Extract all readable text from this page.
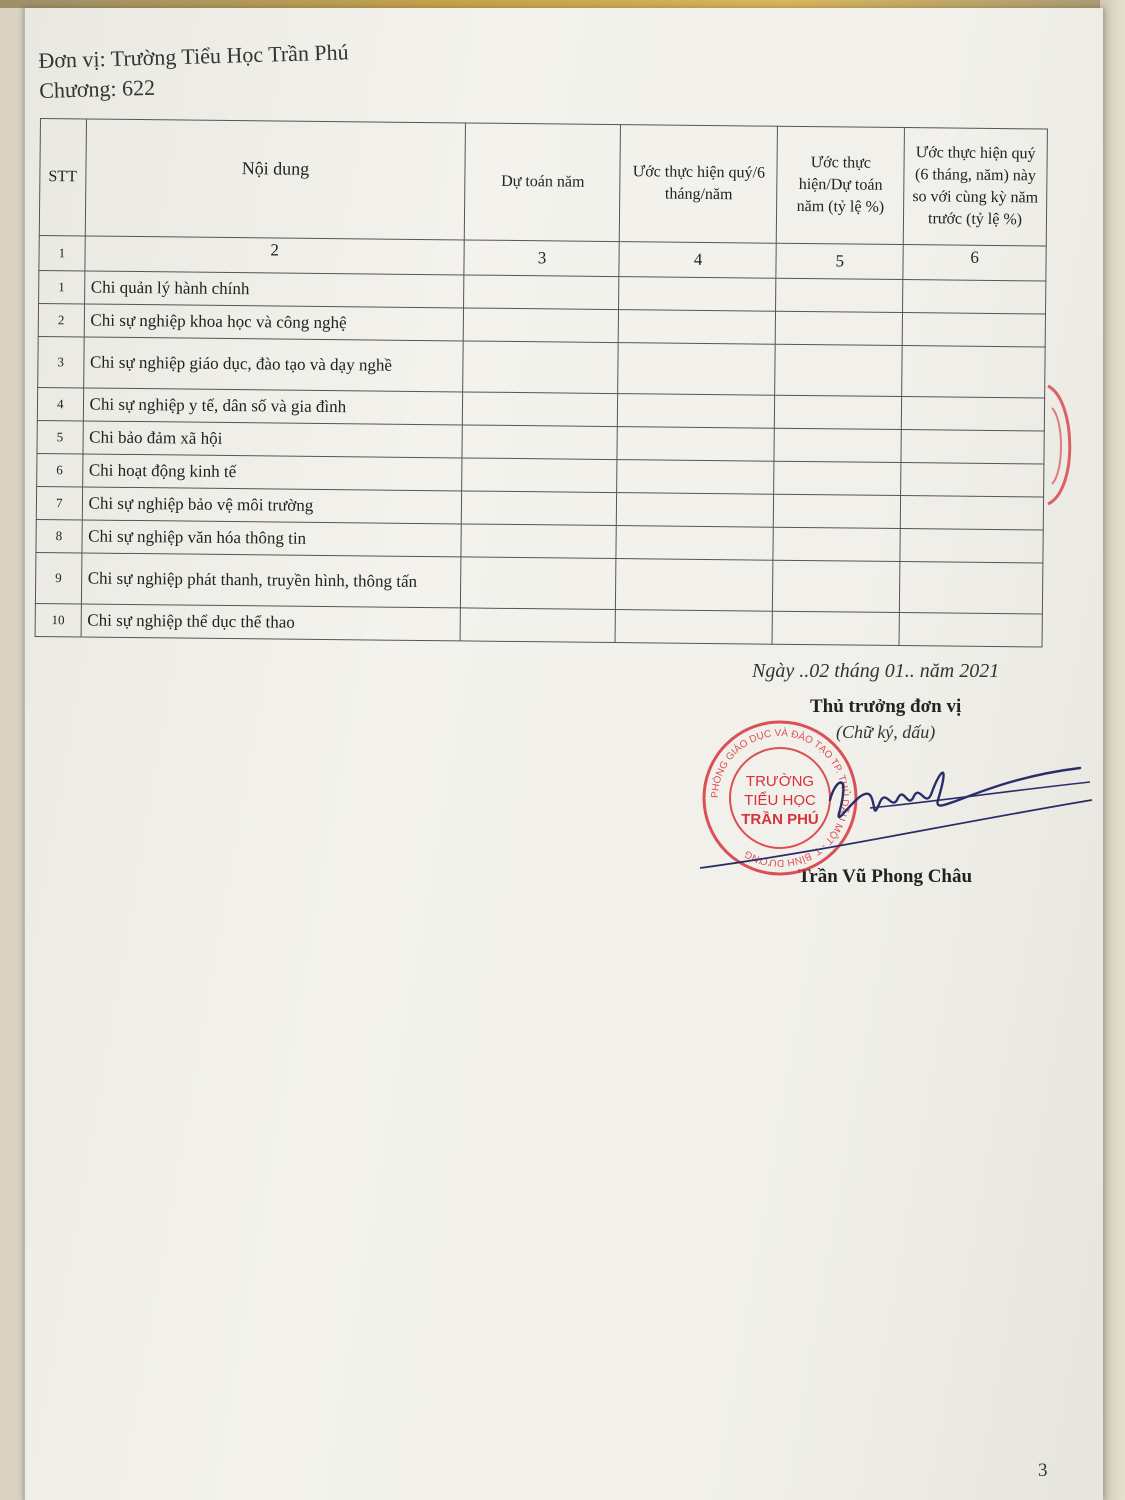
Đơn vị: Trường Tiểu Học Trần Phú
Chương: 622
STT	Nội dung	Dự toán năm	Ước thực hiện quý/6 tháng/năm	Ước thực hiện/Dự toán năm (tỷ lệ %)	Ước thực hiện quý (6 tháng, năm) này so với cùng kỳ năm trước (tỷ lệ %)
1	2	3	4	5	6
1	Chi quản lý hành chính				
2	Chi sự nghiệp khoa học và công nghệ				
3	Chi sự nghiệp giáo dục, đào tạo và dạy nghề				
4	Chi sự nghiệp y tế, dân số và gia đình				
5	Chi bảo đảm xã hội				
6	Chi hoạt động kinh tế				
7	Chi sự nghiệp bảo vệ môi trường				
8	Chi sự nghiệp văn hóa thông tin				
9	Chi sự nghiệp phát thanh, truyền hình, thông tấn				
10	Chi sự nghiệp thể dục thể thao				
Ngày ..02 tháng 01.. năm 2021
Thủ trưởng đơn vị
(Chữ ký, dấu)
Trần Vũ Phong Châu
PHÒNG GIÁO DỤC VÀ ĐÀO TẠO TP. THỦ DẦU MỘT - T. BÌNH DƯƠNG
TRƯỜNG
TIỂU HỌC
TRẦN PHÚ
3
